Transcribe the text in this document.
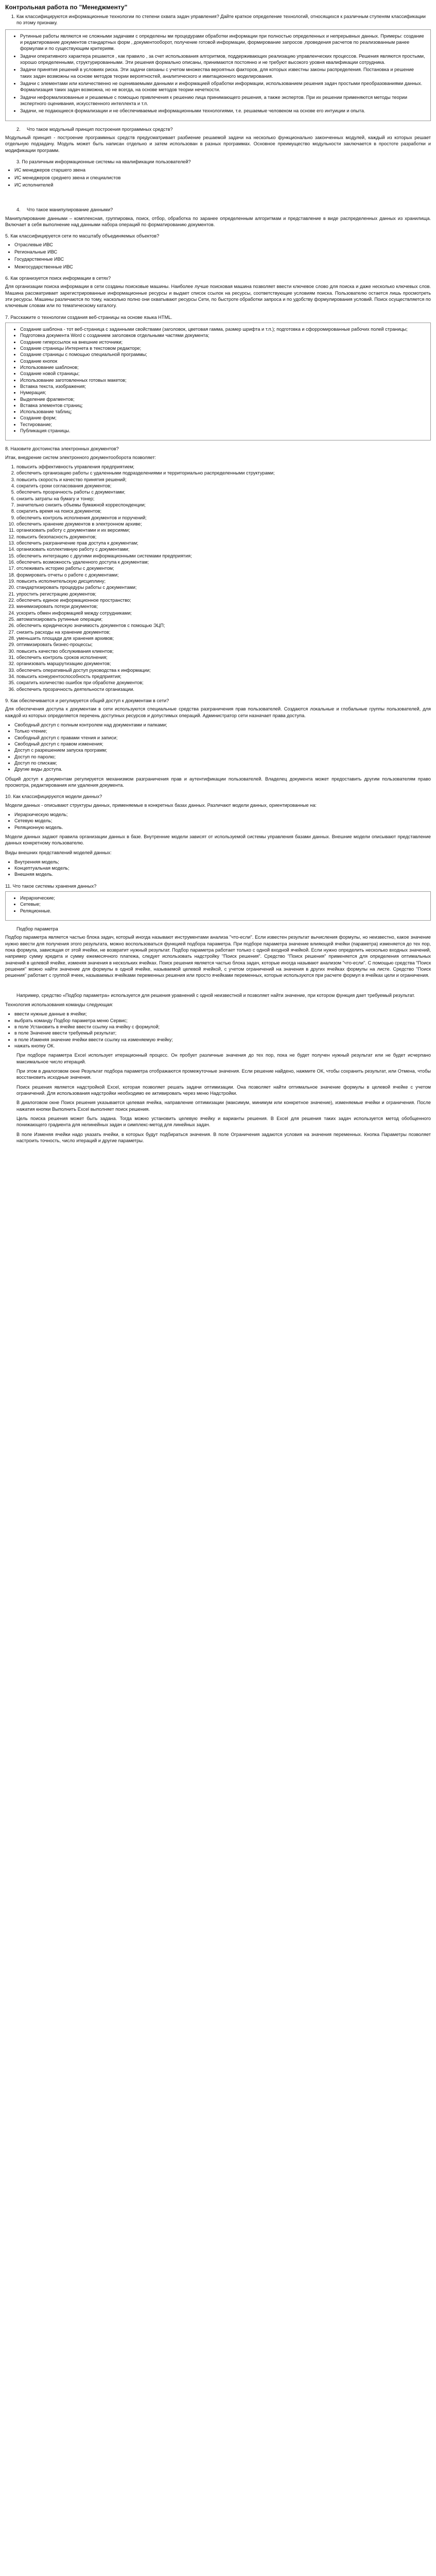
Контрольная работа по "Менеджменту"
1. Как классифицируются информационные технологии по степени охвата задач управления? Дайте краткое определение технологий, относящихся к различным ступеням классификации по этому признаку.
• Рутинные работы являются не сложными задачами с определены ми процедурами обработки информации при полностью определенных и непрерывных данных. Примеры: создание и редактирование документов стандартных форм , документооборот, получение готовой информации, формирование запросов ,проведения расчетов по реализованным ранее формулам и по существующим критериям.
• Задачи оперативного характера решаются , как правило , за счет использования алгоритмов, поддерживающих реализацию управленческих процессов. Решения являются простыми, хорошо определенными, структурированными. Эти решения формально описаны, принимаются постоянно и не требуют высокого уровня квалификации сотрудника.
• Задачи принятия решений в условиях риска. Эти задачи связаны с учетом множества вероятных факторов, для которых известны законы распределения. Постановка и решение таких задач возможны на основе методов теории вероятностей, аналитического и имитационного моделирования.
• Задачи с элементами или количественно не оцениваемыми данными и информацией обработки информации, использованием решения задач простыми преобразованиями данных. Формализация таких задач возможна, но не всегда, на основе методов теории нечеткости.
• Задачи неформализованные и решаемые с помощью привлечения к решению лица принимающего решения, а также экспертов. При их решении применяются методы теории экспертного оценивания, искусственного интеллекта и т.п.
• Задачи, не подающиеся формализации и не обеспечиваемые информационными технологиями, т.е. решаемые человеком на основе его интуиции и опыта.

2. Что такое модульный принцип построения программных средств?

Модульный принцип - построение программных средств предусматривает разбиение решаемой задачи на несколько функционально законченных модулей, каждый из которых решает отдельную подзадачу. Модуль может быть написан отдельно и затем использован в разных программах. Основное преимущество модульности заключается в простоте разработки и модификации программ.

3. По различным информационные системы на квалификации пользователей?

• ИС менеджеров старшего звена
• ИС менеджеров среднего звена и специалистов
• ИС исполнителей

4. Что такое манипулирование данными?

Манипулирование данными – комплексная, группировка, поиск, отбор, обработка по заранее определенным алгоритмам и представление в виде распределенных данных из хранилища. Включает в себя выполнение над данными набора операций по форматированию документов.

5. Как классифицируется сети по масштабу объединяемых объектов?

• Отраслевые ИВС
• Региональные ИВС
• Государственные ИВС
• Межгосударственные ИВС

6. Как организуется поиск информации в сетях?

Для организации поиска информации в сети созданы поисковые машины. Наиболее лучше поисковая машина позволяет ввести ключевое слово для поиска и даже несколько ключевых слов. Машина рассматривает зарегистрированные информационные ресурсы и выдает список ссылок на ресурсы, соответствующие условиям поиска. Пользователю остается лишь просмотреть эти ресурсы. Машины различаются по тому, насколько полно они охватывают ресурсы Сети, по быстроте обработки запроса и по удобству формулирования условий. Поиск осуществляется по ключевым словам или по тематическому каталогу.

7. Расскажите о технологии создания веб-страницы на основе языка HTML.

• Создание шаблона - тот веб-страница с заданными свойствами (заголовок, цветовая гамма, размер шрифта и т.п.); подготовка и сфорромированные рабочих полей страницы;
• Подготовка документа Word с созданием заголовков отдельными частями документа;
• Создание гиперссылок на внешние источники;
• Создание страницы Интернета в текстовом редакторе;
• Создание страницы с помощью специальной программы;
• Создание кнопок
• Использование шаблонов;
• Создание новой страницы;
• Использование заготовленных готовых макетов;
• Вставка текста, изображения;
• Нумерация;
• Выделение фрагментов;
• Вставка элементов страниц;
• Использование таблиц;
• Создание форм;
• Тестирование;
• Публикация страницы.

8. Назовите достоинства электронных документов?

Итак, внедрение систем электронного документооборота позволяет:

1. повысить эффективность управления предприятием;
2. обеспечить организацию работы с удаленными подразделениями и территориально распределенными структурами;
3. повысить скорость и качество принятия решений;
4. сократить сроки согласования документов;
5. обеспечить прозрачность работы с документами;
6. снизить затраты на бумагу и тонер;
7. значительно снизить объемы бумажной корреспонденции;
8. сократить время на поиск документов;
9. обеспечить контроль исполнения документов и поручений;
10. обеспечить хранение документов в электронном архиве;
11. организовать работу с документами и их версиями;
12. повысить безопасность документов;
13. обеспечить разграничение прав доступа к документам;
14. организовать коллективную работу с документами;
15. обеспечить интеграцию с другими информационными системами предприятия;
16. обеспечить возможность удаленного доступа к документам;
17. отслеживать историю работы с документом;
18. формировать отчеты о работе с документами;
19. повысить исполнительскую дисциплину;
20. стандартизировать процедуры работы с документами;
21. упростить регистрацию документов;
22. обеспечить единое информационное пространство;
23. минимизировать потери документов;
24. ускорить обмен информацией между сотрудниками;
25. автоматизировать рутинные операции;
26. обеспечить юридическую значимость документов с помощью ЭЦП;
27. снизить расходы на хранение документов;
28. уменьшить площади для хранения архивов;
29. оптимизировать бизнес-процессы;
30. повысить качество обслуживания клиентов;
31. обеспечить контроль сроков исполнения;
32. организовать маршрутизацию документов;
33. обеспечить оперативный доступ руководства к информации;
34. повысить конкурентоспособность предприятия;
35. сократить количество ошибок при обработке документов;
36. обеспечить прозрачность деятельности организации.

9. Как обеспечивается и регулируется общий доступ к документам в сети?

Для обеспечения доступа к документам в сети используются специальные средства разграничения прав пользователей. Создаются локальные и глобальные группы пользователей, для каждой из которых определяется перечень доступных ресурсов и допустимых операций. Администратор сети назначает права доступа.

• Свободный доступ с полным контролем над документами и папками;
• Только чтение;
• Свободный доступ с правами чтения и записи;
• Свободный доступ с правом изменения;
• Доступ с разрешением запуска программ;
• Доступ по паролю;
• Доступ по спискам;
• Другие виды доступа.

Общий доступ к документам регулируется механизмом разграничения прав и аутентификации пользователей. Владелец документа может предоставить другим пользователям право просмотра, редактирования или удаления документа.

10. Как классифицируются модели данных?

Модели данных - описывают структуры данных, применяемые в конкретных базах данных. Различают модели данных, ориентированные на:

• Иерархическую модель;
• Сетевую модель;
• Реляционную модель.

Модели данных задают правила организации данных в базе. Внутренние модели зависят от используемой системы управления базами данных. Внешние модели описывают представление данных конкретному пользователю.

Виды внешних представлений моделей данных:

• Внутренняя модель;
• Концептуальная модель;
• Внешняя модель.

11. Что такое системы хранения данных?

• Иерархические;
• Сетевые;
• Реляционные.

Подбор параметра

Подбор параметра является частью блока задач, который иногда называют инструментами анализа "что-если". Если известен результат вычисления формулы, но неизвестно, какое значение нужно ввести для получения этого результата, можно воспользоваться функцией подбора параметра. При подборе параметра значение влияющей ячейки (параметра) изменяется до тех пор, пока формула, зависящая от этой ячейки, не возвратит нужный результат. Подбор параметра работает только с одной входной ячейкой. Если нужно определить несколько входных значений, например сумму кредита и сумму ежемесячного платежа, следует использовать надстройку "Поиск решения". Средство "Поиск решения" применяется для определения оптимальных значений в целевой ячейке, изменяя значения в нескольких ячейках. Поиск решения является частью блока задач, которые иногда называют анализом "что-если". С помощью средства "Поиск решения" можно найти значение для формулы в одной ячейке, называемой целевой ячейкой, с учетом ограничений на значения в других ячейках формулы на листе. Средство "Поиск решения" работает с группой ячеек, называемых ячейками переменных решения или просто ячейками переменных, которые используются при расчете формул в ячейках цели и ограничения.

Например, средство «Подбор параметра» используется для решения уравнений с одной неизвестной и позволяет найти значение, при котором функция дает требуемый результат.

Технология использования команды следующая:

• ввести нужные данные в ячейки;
• выбрать команду Подбор параметра меню Сервис;
• в поле Установить в ячейке ввести ссылку на ячейку с формулой;
• в поле Значение ввести требуемый результат;
• в поле Изменяя значение ячейки ввести ссылку на изменяемую ячейку;
• нажать кнопку ОК.

При подборе параметра Excel использует итерационный процесс. Он пробует различные значения до тех пор, пока не будет получен нужный результат или не будет исчерпано максимальное число итераций.

При этом в диалоговом окне Результат подбора параметра отображаются промежуточные значения. Если решение найдено, нажмите ОК, чтобы сохранить результат, или Отмена, чтобы восстановить исходные значения.

Поиск решения является надстройкой Excel, которая позволяет решать задачи оптимизации. Она позволяет найти оптимальное значение формулы в целевой ячейке с учетом ограничений. Для использования надстройки необходимо ее активировать через меню Надстройки.

В диалоговом окне Поиск решения указывается целевая ячейка, направление оптимизации (максимум, минимум или конкретное значение), изменяемые ячейки и ограничения. После нажатия кнопки Выполнить Excel выполняет поиск решения.

Цель поиска решения может быть задана. Тогда можно установить целевую ячейку и варианты решения. В Excel для решения таких задач используется метод обобщенного понижающего градиента для нелинейных задач и симплекс-метод для линейных задач.

В поле Изменяя ячейки надо указать ячейки, в которых будут подбираться значения. В поле Ограничения задаются условия на значения переменных. Кнопка Параметры позволяет настроить точность, число итераций и другие параметры.
